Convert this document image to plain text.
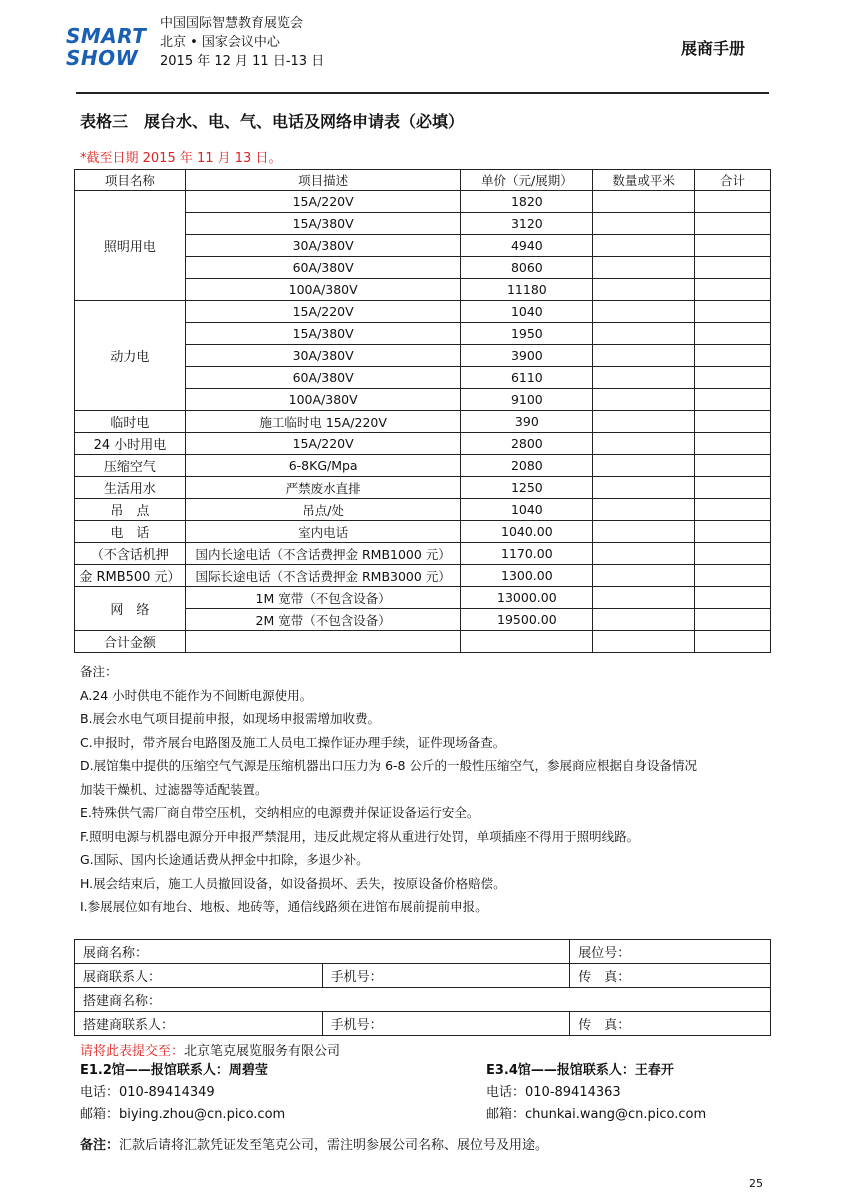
SMART
SHOW
中国国际智慧教育展览会
北京 • 国家会议中心
2015 年 12 月 11 日-13 日
展商手册
表格三　展台水、电、气、电话及网络申请表（必填）
*截至日期 2015 年 11 月 13 日。
项目名称	项目描述	单价（元/展期）	数量或平米	合计
照明用电	15A/220V	1820		
	15A/380V	3120		
	30A/380V	4940		
	60A/380V	8060		
	100A/380V	11180		
动力电	15A/220V	1040		
	15A/380V	1950		
	30A/380V	3900		
	60A/380V	6110		
	100A/380V	9100		
临时电	施工临时电 15A/220V	390		
24 小时用电	15A/220V	2800		
压缩空气	6-8KG/Mpa	2080		
生活用水	严禁废水直排	1250		
吊　点	吊点/处	1040		
电　话	室内电话	1040.00		
（不含话机押	国内长途电话（不含话费押金 RMB1000 元）	1170.00		
金 RMB500 元）	国际长途电话（不含话费押金 RMB3000 元）	1300.00		
网　络	1M 宽带（不包含设备）	13000.00		
	2M 宽带（不包含设备）	19500.00		
合计金额				
备注：
A.24 小时供电不能作为不间断电源使用。
B.展会水电气项目提前申报，如现场申报需增加收费。
C.申报时，带齐展台电路图及施工人员电工操作证办理手续，证件现场备查。
D.展馆集中提供的压缩空气气源是压缩机器出口压力为 6-8 公斤的一般性压缩空气，参展商应根据自身设备情况
加装干燥机、过滤器等适配装置。
E.特殊供气需厂商自带空压机，交纳相应的电源费并保证设备运行安全。
F.照明电源与机器电源分开申报严禁混用，违反此规定将从重进行处罚，单项插座不得用于照明线路。
G.国际、国内长途通话费从押金中扣除，多退少补。
H.展会结束后，施工人员撤回设备，如设备损坏、丢失，按原设备价格赔偿。
I.参展展位如有地台、地板、地砖等，通信线路须在进馆布展前提前申报。
展商名称：		展位号：
展商联系人：	手机号：	传　真：
搭建商名称：		
搭建商联系人：	手机号：	传　真：
请将此表提交至：北京笔克展览服务有限公司
E1.2馆——报馆联系人：周碧莹
电话：010-89414349
邮箱：biying.zhou@cn.pico.com
E3.4馆——报馆联系人：王春开
电话：010-89414363
邮箱：chunkai.wang@cn.pico.com
备注：汇款后请将汇款凭证发至笔克公司，需注明参展公司名称、展位号及用途。
25
